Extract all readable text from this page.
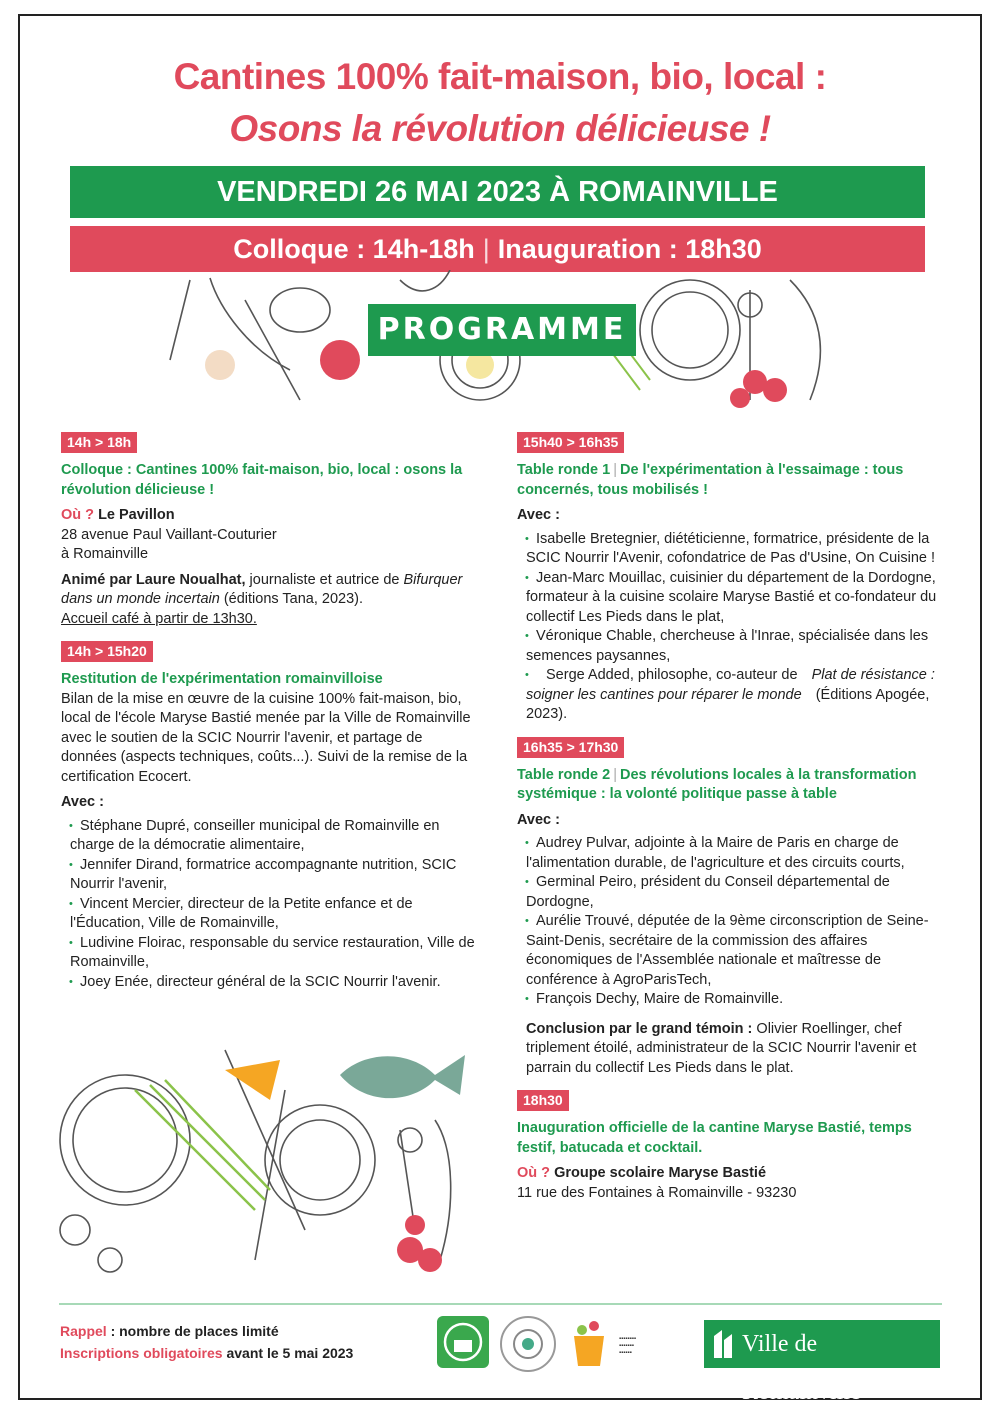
Cantines 100% fait-maison, bio, local :
Osons la révolution délicieuse !
VENDREDI 26 MAI 2023 À ROMAINVILLE
Colloque : 14h-18h | Inauguration : 18h30
PROGRAMME
14h > 18h
Colloque : Cantines 100% fait-maison, bio, local : osons la révolution délicieuse !
Où ? Le Pavillon
28 avenue Paul Vaillant-Couturier
à Romainville
Animé par Laure Noualhat, journaliste et autrice de Bifurquer dans un monde incertain (éditions Tana, 2023).
Accueil café à partir de 13h30.
14h > 15h20
Restitution de l'expérimentation romainvilloise
Bilan de la mise en œuvre de la cuisine 100% fait-maison, bio, local de l'école Maryse Bastié menée par la Ville de Romainville avec le soutien de la SCIC Nourrir l'avenir, et partage de données (aspects techniques, coûts...). Suivi de la remise de la certification Ecocert.
Avec :
• Stéphane Dupré, conseiller municipal de Romainville en charge de la démocratie alimentaire,
• Jennifer Dirand, formatrice accompagnante nutrition, SCIC Nourrir l'avenir,
• Vincent Mercier, directeur de la Petite enfance et de l'Éducation, Ville de Romainville,
• Ludivine Floirac, responsable du service restauration, Ville de Romainville,
• Joey Enée, directeur général de la SCIC Nourrir l'avenir.
15h40 > 16h35
Table ronde 1 | De l'expérimentation à l'essaimage : tous concernés, tous mobilisés !
Avec :
• Isabelle Bretegnier, diététicienne, formatrice, présidente de la SCIC Nourrir l'Avenir, cofondatrice de Pas d'Usine, On Cuisine !
• Jean-Marc Mouillac, cuisinier du département de la Dordogne, formateur à la cuisine scolaire Maryse Bastié et co-fondateur du collectif Les Pieds dans le plat,
• Véronique Chable, chercheuse à l'Inrae, spécialisée dans les semences paysannes,
• Serge Added, philosophe, co-auteur de Plat de résistance : soigner les cantines pour réparer le monde (Éditions Apogée, 2023).
16h35 > 17h30
Table ronde 2 | Des révolutions locales à la transformation systémique : la volonté politique passe à table
Avec :
• Audrey Pulvar, adjointe à la Maire de Paris en charge de l'alimentation durable, de l'agriculture et des circuits courts,
• Germinal Peiro, président du Conseil départemental de Dordogne,
• Aurélie Trouvé, députée de la 9ème circonscription de Seine-Saint-Denis, secrétaire de la commission des affaires économiques de l'Assemblée nationale et maîtresse de conférence à AgroParisTech,
• François Dechy, Maire de Romainville.
Conclusion par le grand témoin : Olivier Roellinger, chef triplement étoilé, administrateur de la SCIC Nourrir l'avenir et parrain du collectif Les Pieds dans le plat.
18h30
Inauguration officielle de la cantine Maryse Bastié, temps festif, batucada et cocktail.
Où ? Groupe scolaire Maryse Bastié
11 rue des Fontaines à Romainville - 93230
Rappel : nombre de places limité
Inscriptions obligatoires avant le 5 mai 2023
▪▪▪▪▪▪▪▪
▪▪▪▪▪▪▪
▪▪▪▪▪▪	Ville de Romainville
